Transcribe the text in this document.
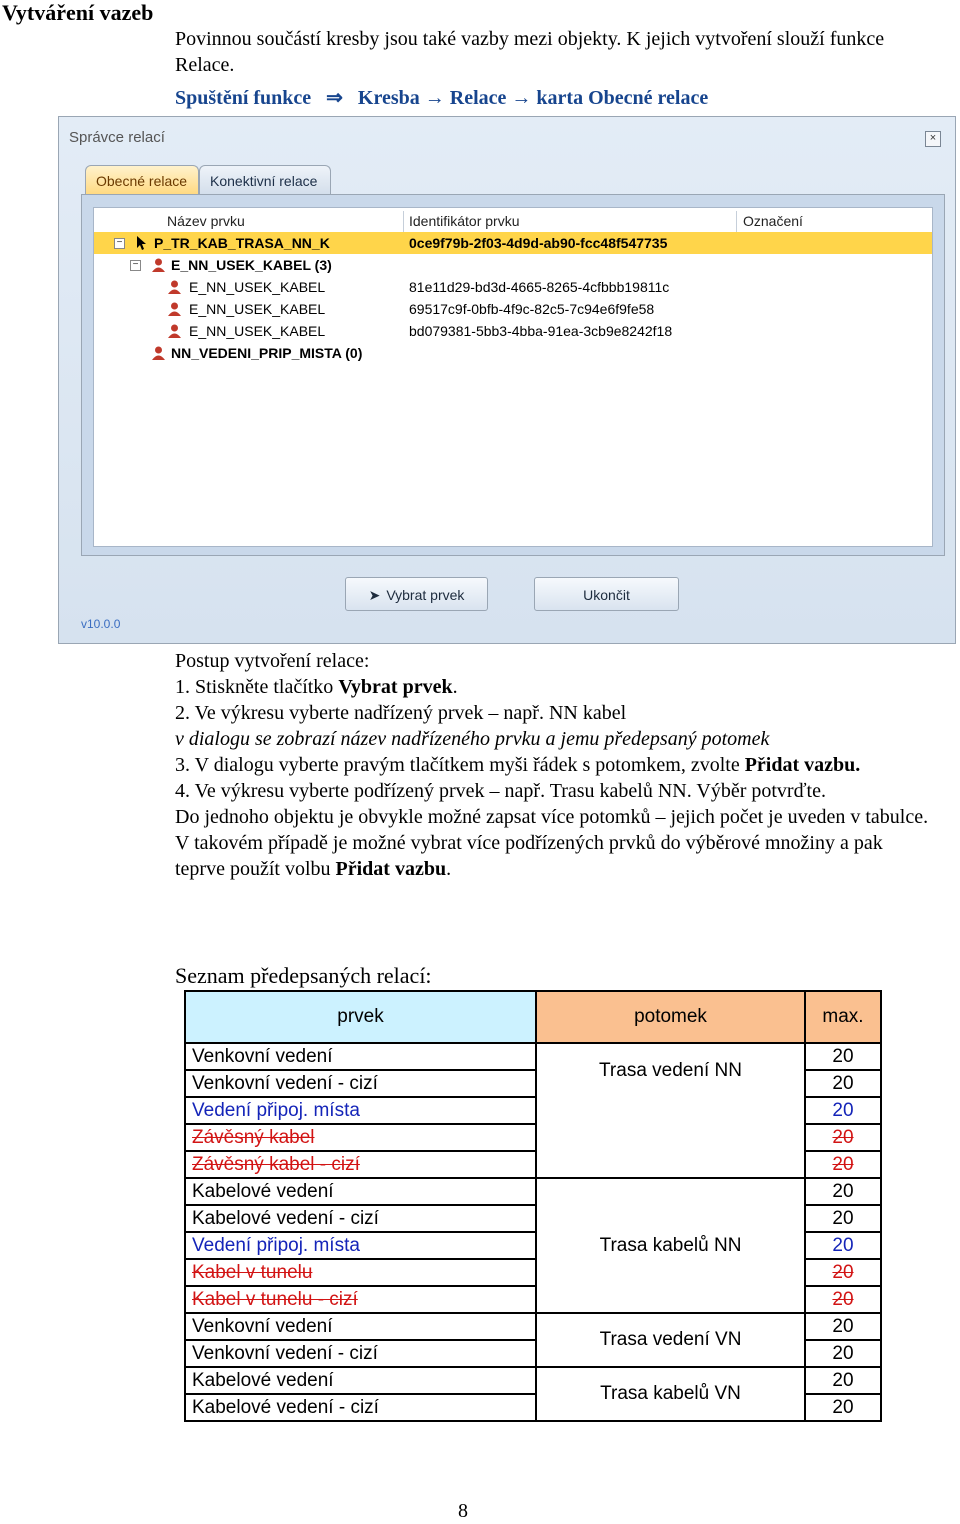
Vytváření vazeb
Povinnou součástí kresby jsou také vazby mezi objekty. K jejich vytvoření slouží funkce Relace.
Spuštění funkce ⇒ Kresba → Relace → karta Obecné relace
Správce relací	×
Obecné relace	Konektivní relace
Název prvku	Identifikátor prvku	Označení
− P_TR_KAB_TRASA_NN_K	0ce9f79b-2f03-4d9d-ab90-fcc48f547735
− E_NN_USEK_KABEL (3)
E_NN_USEK_KABEL	81e11d29-bd3d-4665-8265-4cfbbb19811c
E_NN_USEK_KABEL	69517c9f-0bfb-4f9c-82c5-7c94e6f9fe58
E_NN_USEK_KABEL	bd079381-5bb3-4bba-91ea-3cb9e8242f18
NN_VEDENI_PRIP_MISTA (0)
➤ Vybrat prvek	Ukončit
v10.0.0
Postup vytvoření relace:
1. Stiskněte tlačítko Vybrat prvek.
2. Ve výkresu vyberte nadřízený prvek – např. NN kabel
v dialogu se zobrazí název nadřízeného prvku a jemu předepsaný potomek
3. V dialogu vyberte pravým tlačítkem myši řádek s potomkem, zvolte Přidat vazbu.
4. Ve výkresu vyberte podřízený prvek – např. Trasu kabelů NN. Výběr potvrďte.
Do jednoho objektu je obvykle možné zapsat více potomků – jejich počet je uveden v tabulce.
V takovém případě je možné vybrat více podřízených prvků do výběrové množiny a pak teprve použít volbu Přidat vazbu.
Seznam předepsaných relací:
prvek	potomek	max.
Venkovní vedení	Trasa vedení NN	20
Venkovní vedení - cizí		20
Vedení připoj. místa		20
Závěsný kabel		20
Závěsný kabel - cizí		20
Kabelové vedení	Trasa kabelů NN	20
Kabelové vedení - cizí		20
Vedení připoj. místa		20
Kabel v tunelu		20
Kabel v tunelu - cizí		20
Venkovní vedení	Trasa vedení VN	20
Venkovní vedení - cizí		20
Kabelové vedení	Trasa kabelů VN	20
Kabelové vedení - cizí		20
8
